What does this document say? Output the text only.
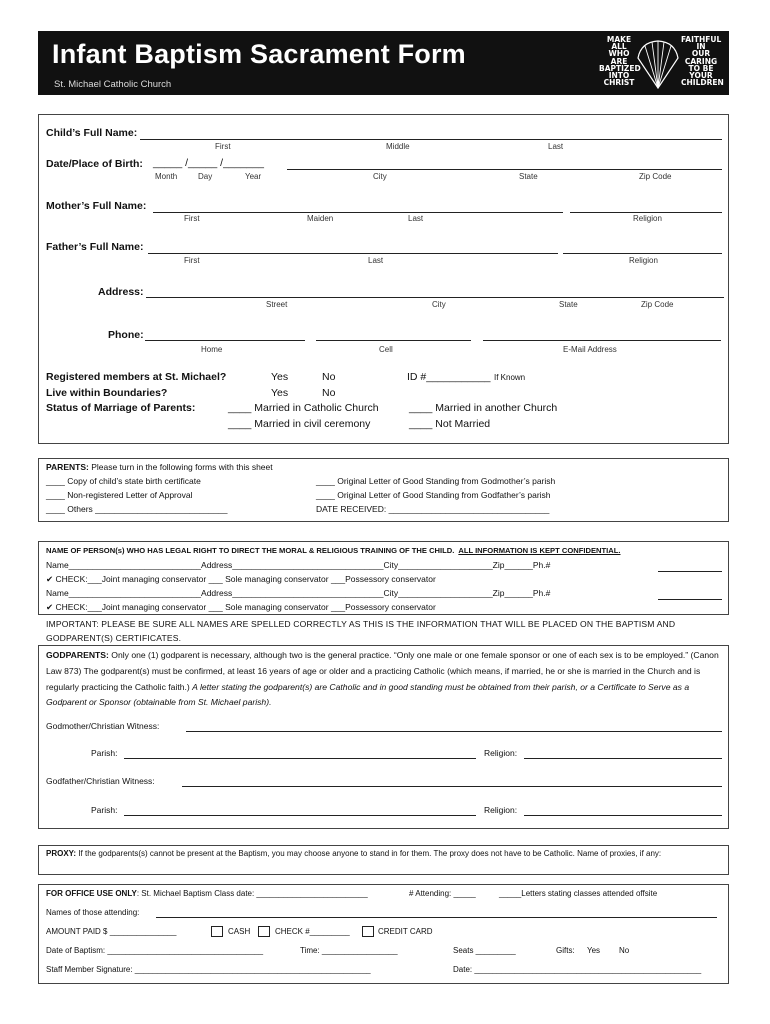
Infant Baptism Sacrament Form
St. Michael Catholic Church
MAKE
ALL
WHO
ARE
BAPTIZED
INTO
CHRIST
FAITHFUL
IN
OUR
CARING
TO BE
YOUR
CHILDREN
Child’s Full Name:
First	Middle	Last
Date/Place of Birth: _____ /_____ /_______
Month	Day	Year	City	State	Zip Code
Mother’s Full Name:
First	Maiden	Last	Religion
Father’s Full Name:
First	Last	Religion
Address:
Street	City	State	Zip Code
Phone:
Home	Cell	E-Mail Address
Registered members at St. Michael?	Yes	No	ID #___________ If Known
Live within Boundaries?	Yes	No
Status of Marriage of Parents:	____ Married in Catholic Church
____ Married in civil ceremony
____ Married in another Church
____ Not Married
PARENTS: Please turn in the following forms with this sheet
____ Copy of child’s state birth certificate
____ Non-registered Letter of Approval
____ Others ____________________________
____ Original Letter of Good Standing from Godmother’s parish
____ Original Letter of Good Standing from Godfather’s parish
DATE RECEIVED: __________________________________
NAME OF PERSON(s) WHO HAS LEGAL RIGHT TO DIRECT THE MORAL & RELIGIOUS TRAINING OF THE CHILD. ALL INFORMATION IS KEPT CONFIDENTIAL.
Name____________________________Address________________________________City____________________Zip______Ph.#
✔ CHECK:___Joint managing conservator ___ Sole managing conservator ___Possessory conservator
Name____________________________Address________________________________City____________________Zip______Ph.#
✔ CHECK:___Joint managing conservator ___ Sole managing conservator ___Possessory conservator
IMPORTANT: PLEASE BE SURE ALL NAMES ARE SPELLED CORRECTLY AS THIS IS THE INFORMATION THAT WILL BE PLACED ON THE BAPTISM AND GODPARENT(S) CERTIFICATES.
GODPARENTS: Only one (1) godparent is necessary, although two is the general practice. “Only one male or one female sponsor or one of each sex is to be employed.” (Canon Law 873) The godparent(s) must be confirmed, at least 16 years of age or older and a practicing Catholic (which means, if married, he or she is married in the Church and is regularly practicing the Catholic faith.) A letter stating the godparent(s) are Catholic and in good standing must be obtained from their parish, or a Certificate to Serve as a Godparent or Sponsor (obtainable from St. Michael parish).
Godmother/Christian Witness:
Parish:	Religion:
Godfather/Christian Witness:
Parish:	Religion:
PROXY: If the godparents(s) cannot be present at the Baptism, you may choose anyone to stand in for them. The proxy does not have to be Catholic. Name of proxies, if any:
FOR OFFICE USE ONLY: St. Michael Baptism Class date: _________________________	# Attending: _____	_____Letters stating classes attended offsite
Names of those attending:
AMOUNT PAID $ _______________	CASH	CHECK #_________	CREDIT CARD
Date of Baptism: ___________________________________	Time: _________________	Seats _________	Gifts: Yes No
Staff Member Signature: _____________________________________________________	Date: ___________________________________________________
